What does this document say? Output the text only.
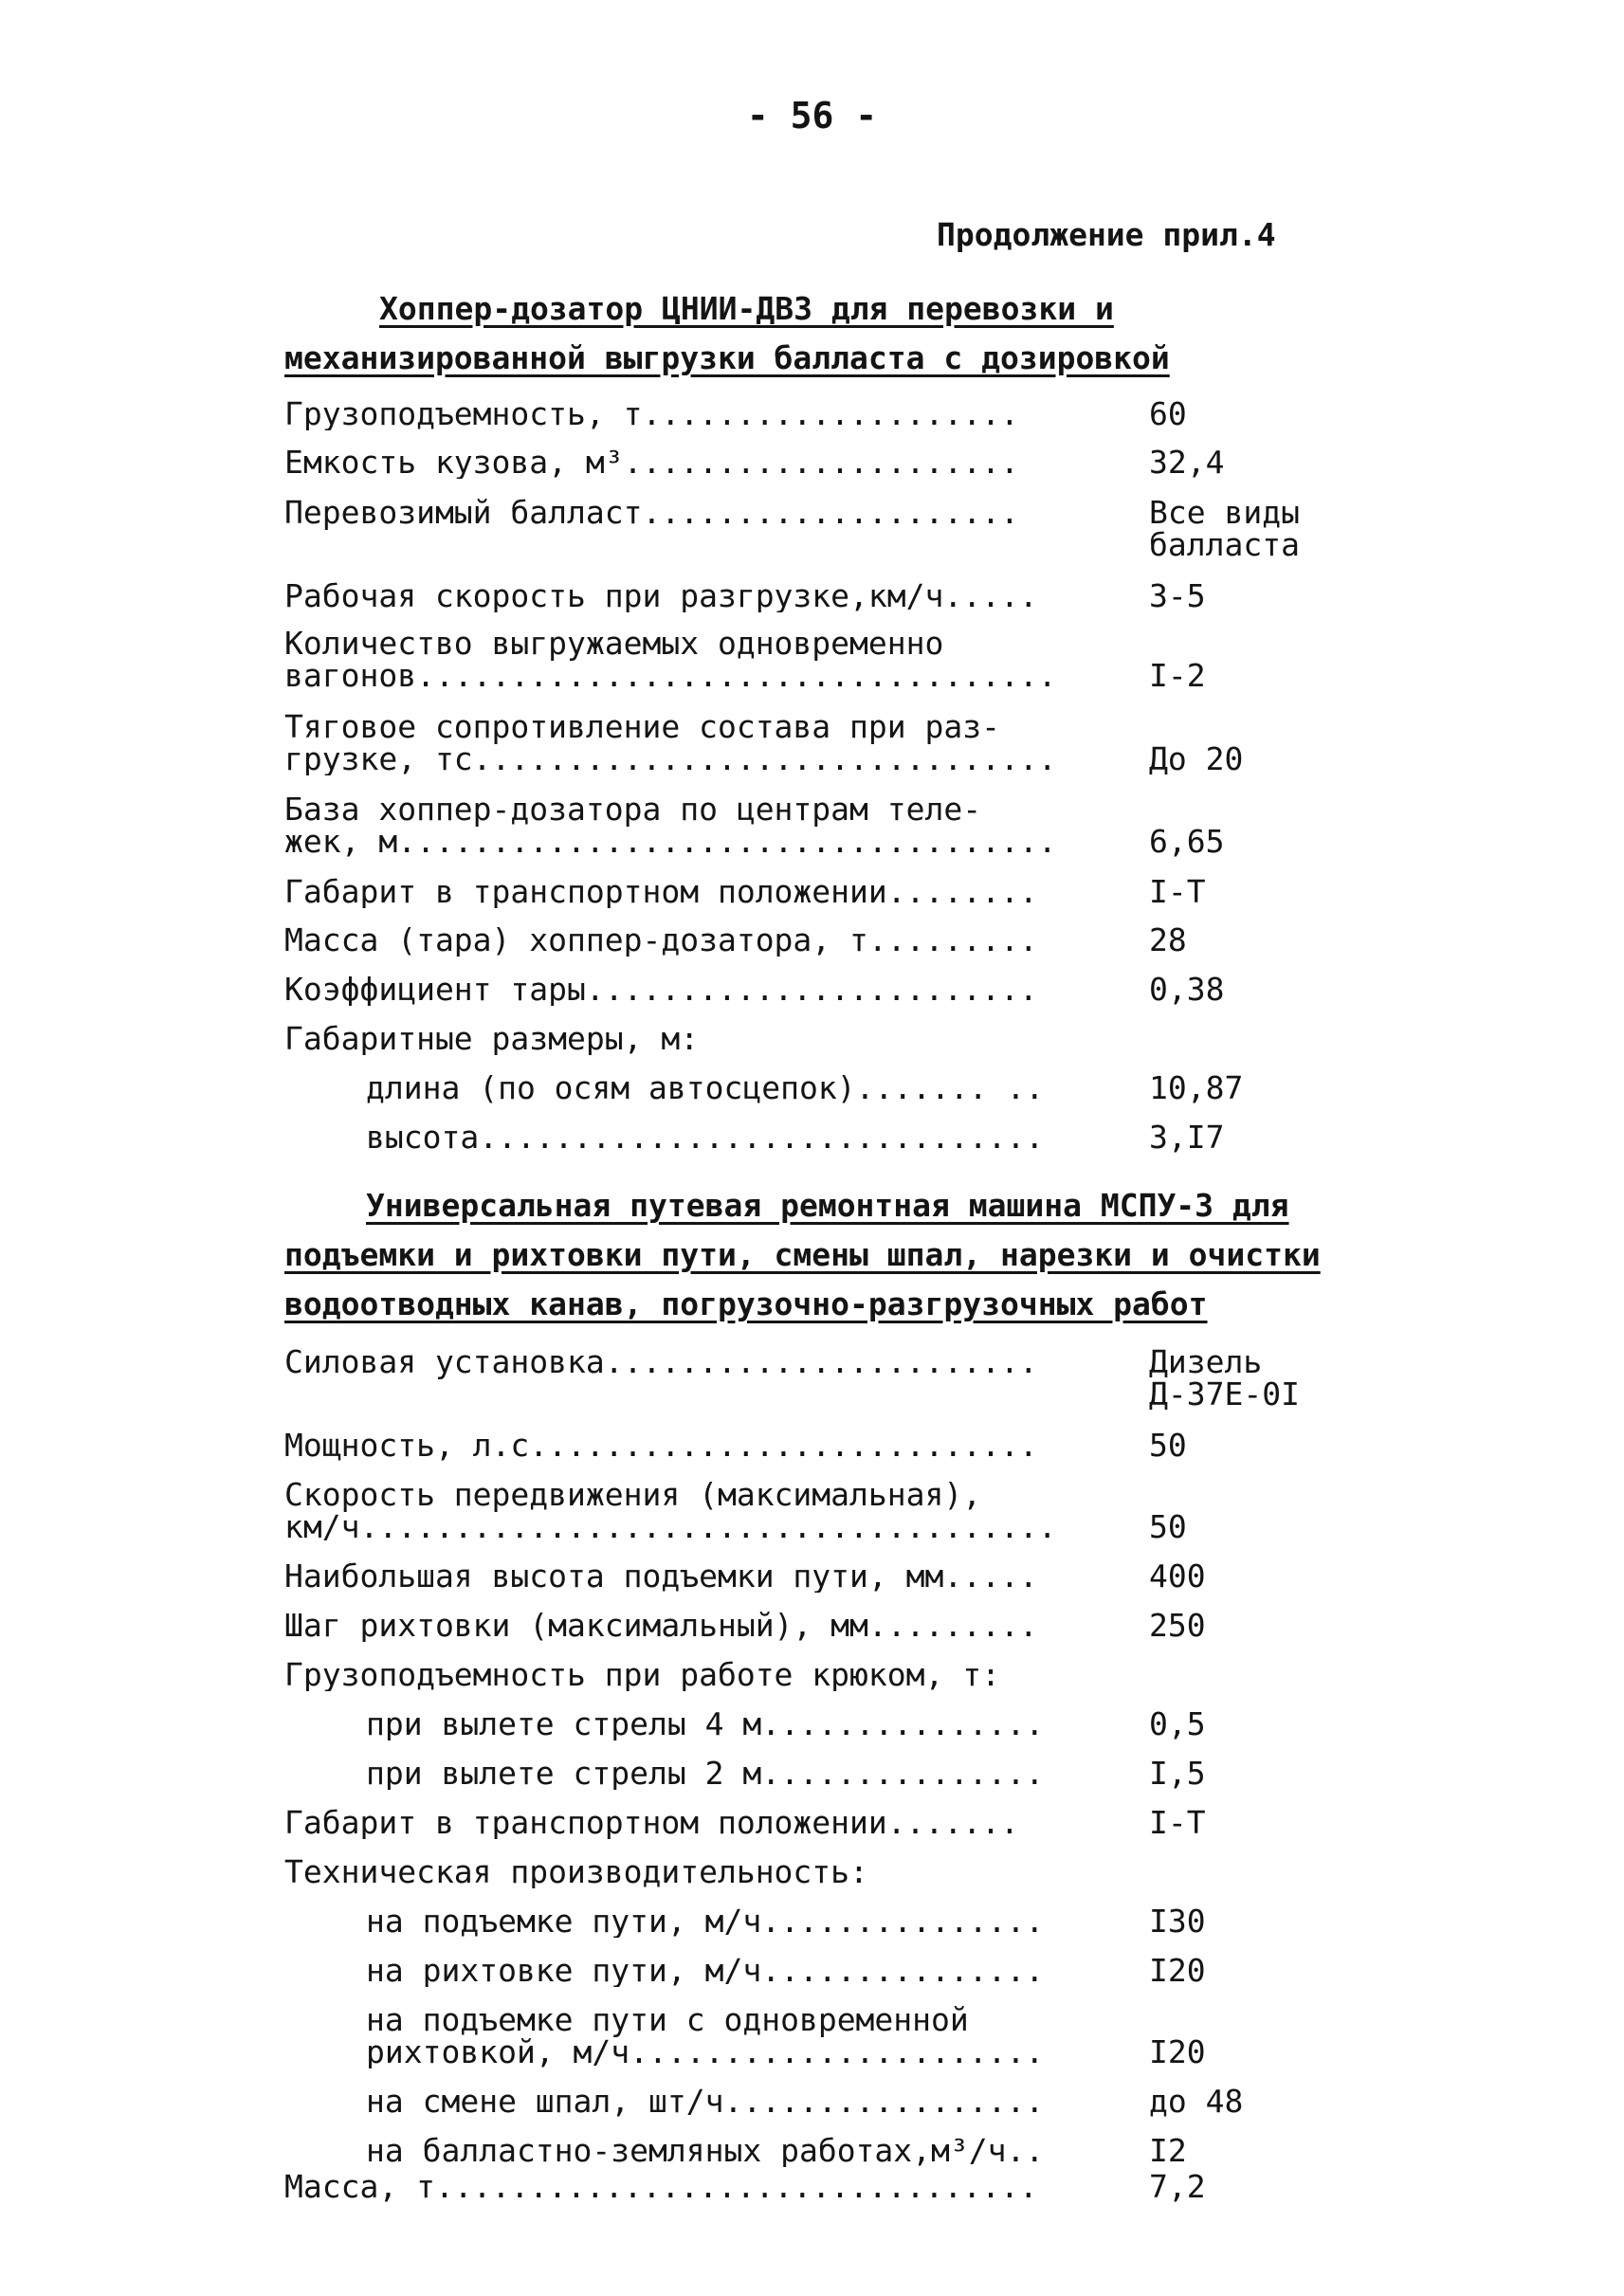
- 56 -
Продолжение прил.4
Хоппер-дозатор ЦНИИ-ДВЗ для перевозки и механизированной выгрузки балласта с дозировкой
Грузоподъемность, т....................	60
Емкость кузова, м³.....................	32,4
Перевозимый балласт....................	Все виды
балласта
Рабочая скорость при разгрузке,км/ч.....	3-5
Количество выгружаемых одновременно
вагонов..................................	I-2
Тяговое сопротивление состава при раз-
грузке, тс...............................	До 20
База хоппер-дозатора по центрам теле-
жек, м...................................	6,65
Габарит в транспортном положении........	I-Т
Масса (тара) хоппер-дозатора, т.........	28
Коэффициент тары........................	0,38
Габаритные размеры, м:
длина (по осям автосцепок)....... ..	10,87
высота..............................	3,I7
Универсальная путевая ремонтная машина МСПУ-3 для подъемки и рихтовки пути, смены шпал, нарезки и очистки водоотводных канав, погрузочно-разгрузочных работ
Силовая установка.......................	Дизель
Д-37Е-0I
Мощность, л.с...........................	50
Скорость передвижения (максимальная),
км/ч.....................................	50
Наибольшая высота подъемки пути, мм.....	400
Шаг рихтовки (максимальный), мм.........	250
Грузоподъемность при работе крюком, т:
при вылете стрелы 4 м...............	0,5
при вылете стрелы 2 м...............	I,5
Габарит в транспортном положении.......	I-Т
Техническая производительность:
на подъемке пути, м/ч...............	I30
на рихтовке пути, м/ч...............	I20
на подъемке пути с одновременной
рихтовкой, м/ч......................	I20
на смене шпал, шт/ч.................	до 48
на балластно-земляных работах,м³/ч..	I2
Масса, т................................	7,2
